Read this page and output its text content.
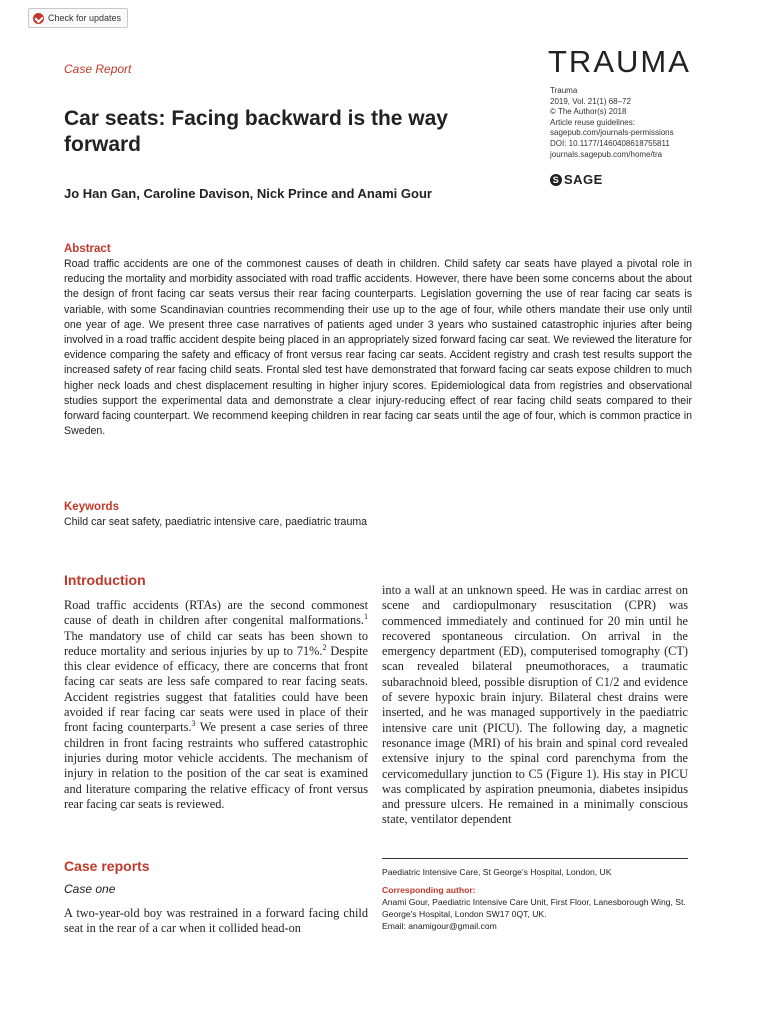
Check for updates
Case Report	TRAUMA
Trauma
2019, Vol. 21(1) 68–72
© The Author(s) 2018
Article reuse guidelines:
sagepub.com/journals-permissions
DOI: 10.1177/1460408618755811
journals.sagepub.com/home/tra
S SAGE
Car seats: Facing backward is the way forward
Jo Han Gan, Caroline Davison, Nick Prince and Anami Gour
Abstract
Road traffic accidents are one of the commonest causes of death in children. Child safety car seats have played a pivotal role in reducing the mortality and morbidity associated with road traffic accidents. However, there have been some concerns about the about the design of front facing car seats versus their rear facing counterparts. Legislation governing the use of rear facing car seats is variable, with some Scandinavian countries recommending their use up to the age of four, while others mandate their use only until one year of age. We present three case narratives of patients aged under 3 years who sustained catastrophic injuries after being involved in a road traffic accident despite being placed in an appropriately sized forward facing car seat. We reviewed the literature for evidence comparing the safety and efficacy of front versus rear facing car seats. Accident registry and crash test results support the increased safety of rear facing child seats. Frontal sled test have demonstrated that forward facing car seats expose children to much higher neck loads and chest displacement resulting in higher injury scores. Epidemiological data from registries and observational studies support the experimental data and demonstrate a clear injury-reducing effect of rear facing child seats compared to their forward facing counterpart. We recommend keeping children in rear facing car seats until the age of four, which is common practice in Sweden.
Keywords
Child car seat safety, paediatric intensive care, paediatric trauma
Introduction
Road traffic accidents (RTAs) are the second commonest cause of death in children after congenital malformations.$^1$ The mandatory use of child car seats has been shown to reduce mortality and serious injuries by up to 71%.$^2$ Despite this clear evidence of efficacy, there are concerns that front facing car seats are less safe compared to rear facing seats. Accident registries suggest that fatalities could have been avoided if rear facing car seats were used in place of their front facing counterparts.$^3$ We present a case series of three children in front facing restraints who suffered catastrophic injuries during motor vehicle accidents. The mechanism of injury in relation to the position of the car seat is examined and literature comparing the relative efficacy of front versus rear facing car seats is reviewed.
Case reports
Case one
A two-year-old boy was restrained in a forward facing child seat in the rear of a car when it collided head-on
into a wall at an unknown speed. He was in cardiac arrest on scene and cardiopulmonary resuscitation (CPR) was commenced immediately and continued for 20 min until he recovered spontaneous circulation. On arrival in the emergency department (ED), computerised tomography (CT) scan revealed bilateral pneumothoraces, a traumatic subarachnoid bleed, possible disruption of C1/2 and evidence of severe hypoxic brain injury. Bilateral chest drains were inserted, and he was managed supportively in the paediatric intensive care unit (PICU). The following day, a magnetic resonance image (MRI) of his brain and spinal cord revealed extensive injury to the spinal cord parenchyma from the cervicomedullary junction to C5 (Figure 1). His stay in PICU was complicated by aspiration pneumonia, diabetes insipidus and pressure ulcers. He remained in a minimally conscious state, ventilator dependent
Paediatric Intensive Care, St George's Hospital, London, UK
Corresponding author:
Anami Gour, Paediatric Intensive Care Unit, First Floor, Lanesborough Wing, St. George's Hospital, London SW17 0QT, UK.
Email: anamigour@gmail.com
